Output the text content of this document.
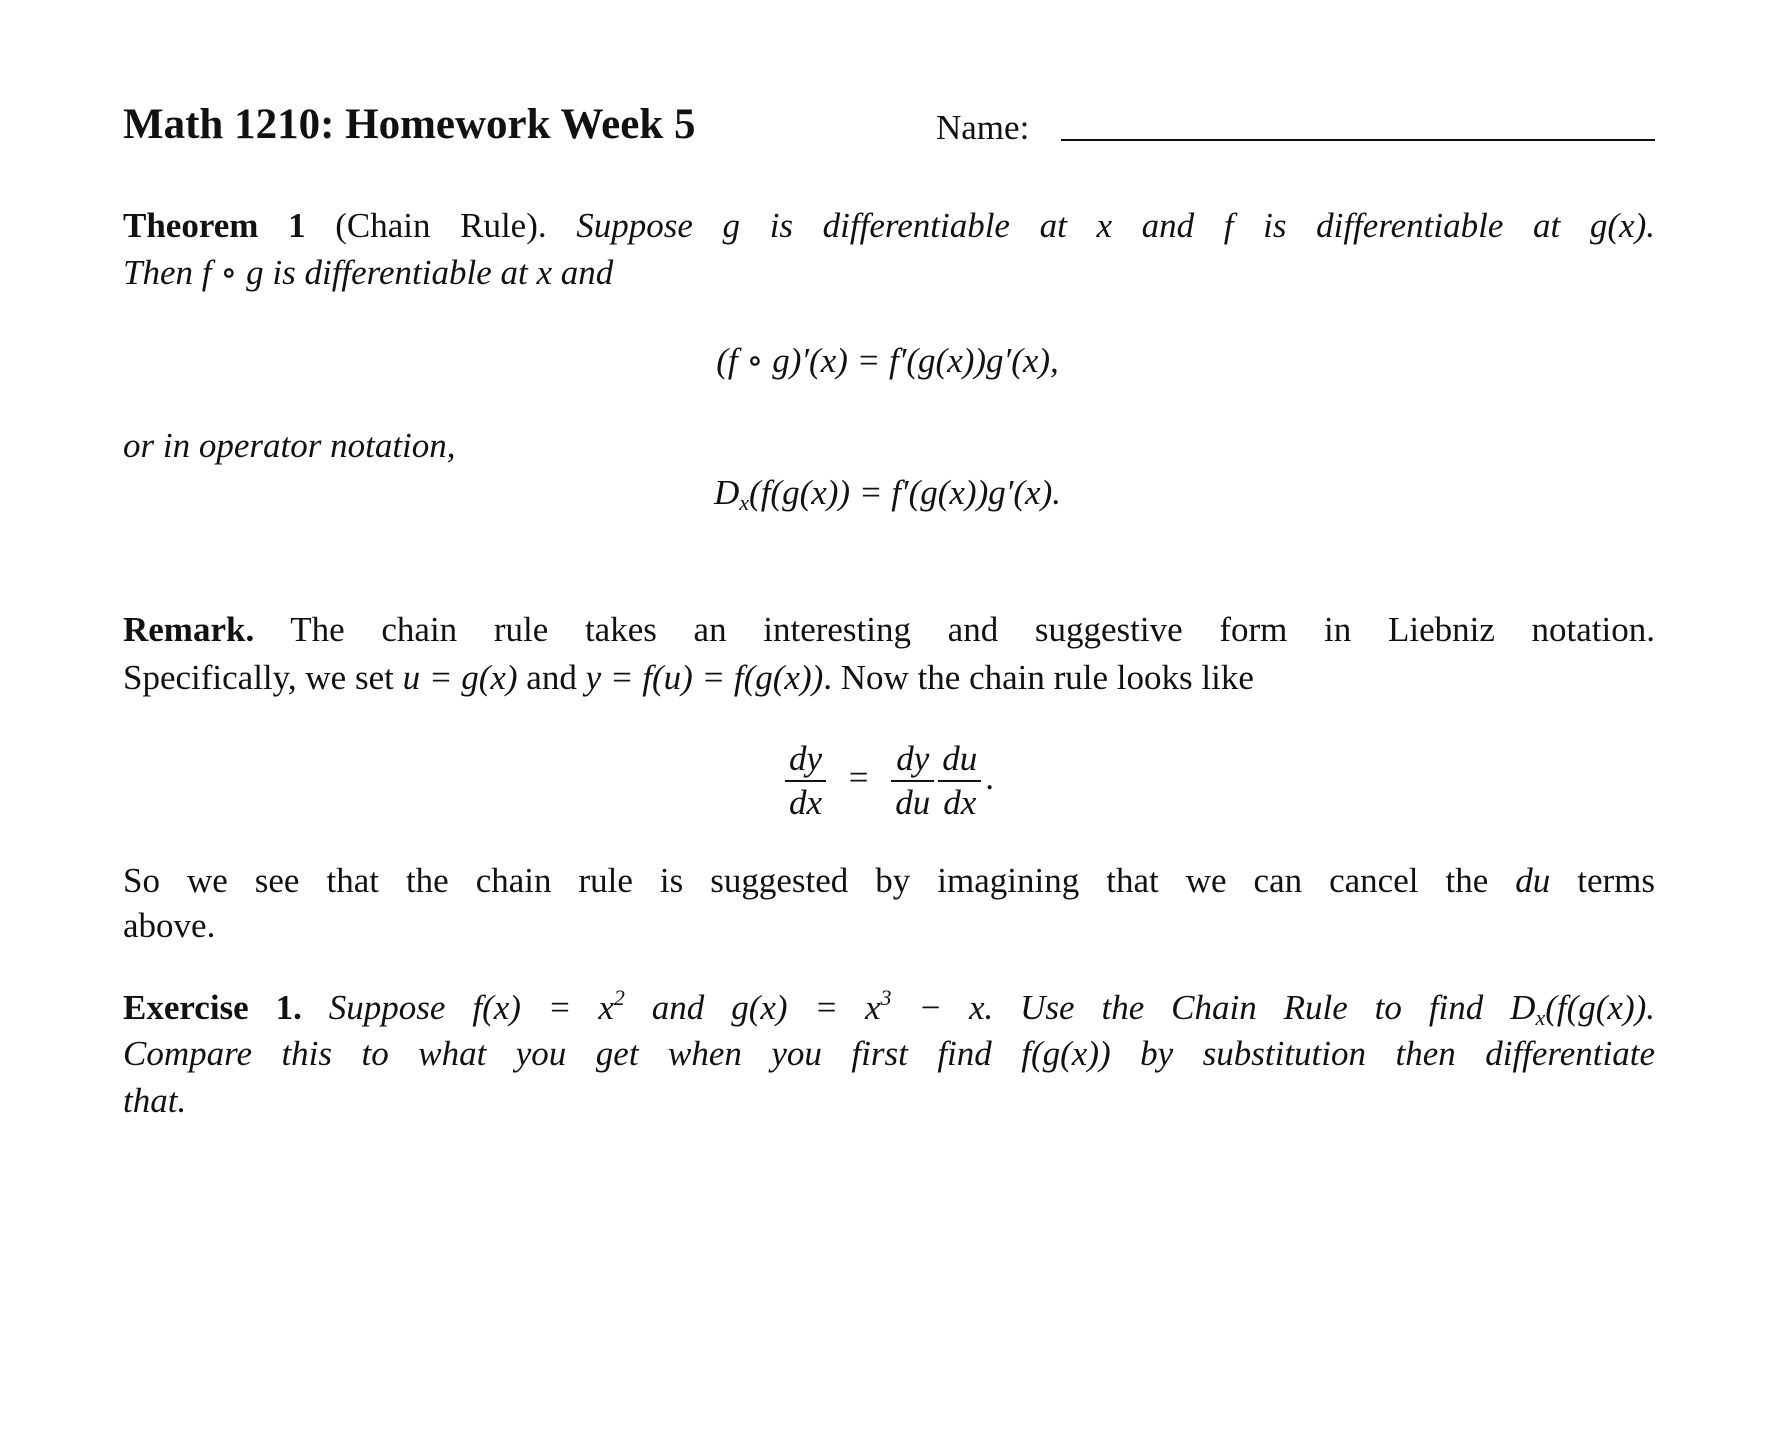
Math 1210: Homework Week 5	Name:
Theorem 1 (Chain Rule). Suppose g is differentiable at x and f is differentiable at g(x).
Then f ∘ g is differentiable at x and
(f ∘ g)′(x) = f′(g(x))g′(x),
or in operator notation,
$D_x(f(g(x)) = f'(g(x))g'(x)$.
Remark. The chain rule takes an interesting and suggestive form in Liebniz notation.
Specifically, we set u = g(x) and y = f(u) = f(g(x)). Now the chain rule looks like
$\frac{dy}{dx} = \frac{dy}{du} \frac{du}{dx}$ .
So we see that the chain rule is suggested by imagining that we can cancel the du terms
above.
Exercise 1. Suppose $f(x) = x^2$ and $g(x) = x^3 - x$. Use the Chain Rule to find $D_x(f(g(x))$.
Compare this to what you get when you first find f(g(x)) by substitution then differentiate
that.
